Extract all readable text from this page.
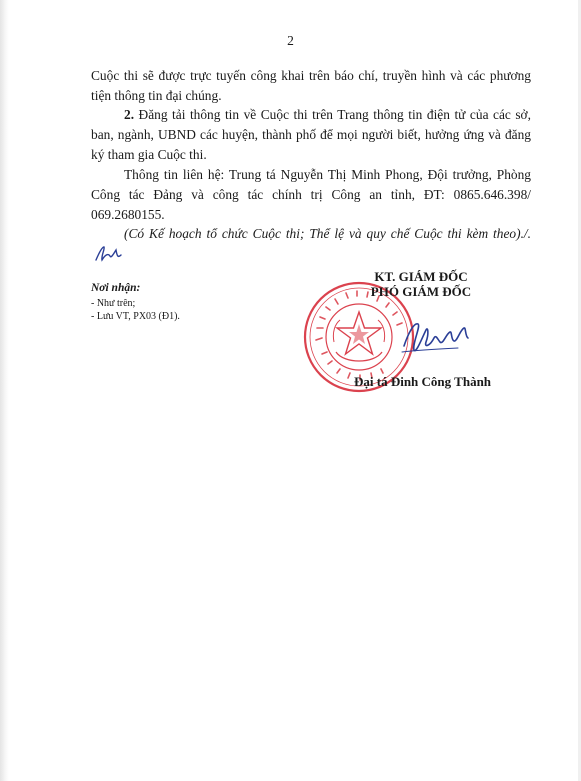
2

Cuộc thi sẽ được trực tuyến công khai trên báo chí, truyền hình và các phương tiện thông tin đại chúng.

2. Đăng tải thông tin về Cuộc thi trên Trang thông tin điện tử của các sở, ban, ngành, UBND các huyện, thành phố để mọi người biết, hưởng ứng và đăng ký tham gia Cuộc thi.

Thông tin liên hệ: Trung tá Nguyễn Thị Minh Phong, Đội trưởng, Phòng Công tác Đảng và công tác chính trị Công an tỉnh, ĐT: 0865.646.398/ 069.2680155.

(Có Kế hoạch tổ chức Cuộc thi; Thể lệ và quy chế Cuộc thi kèm theo)./.

Nơi nhận:

- Như trên;

- Lưu VT, PX03 (Đ1).

KT. GIÁM ĐỐC

PHÓ GIÁM ĐỐC

Đại tá Đinh Công Thành
